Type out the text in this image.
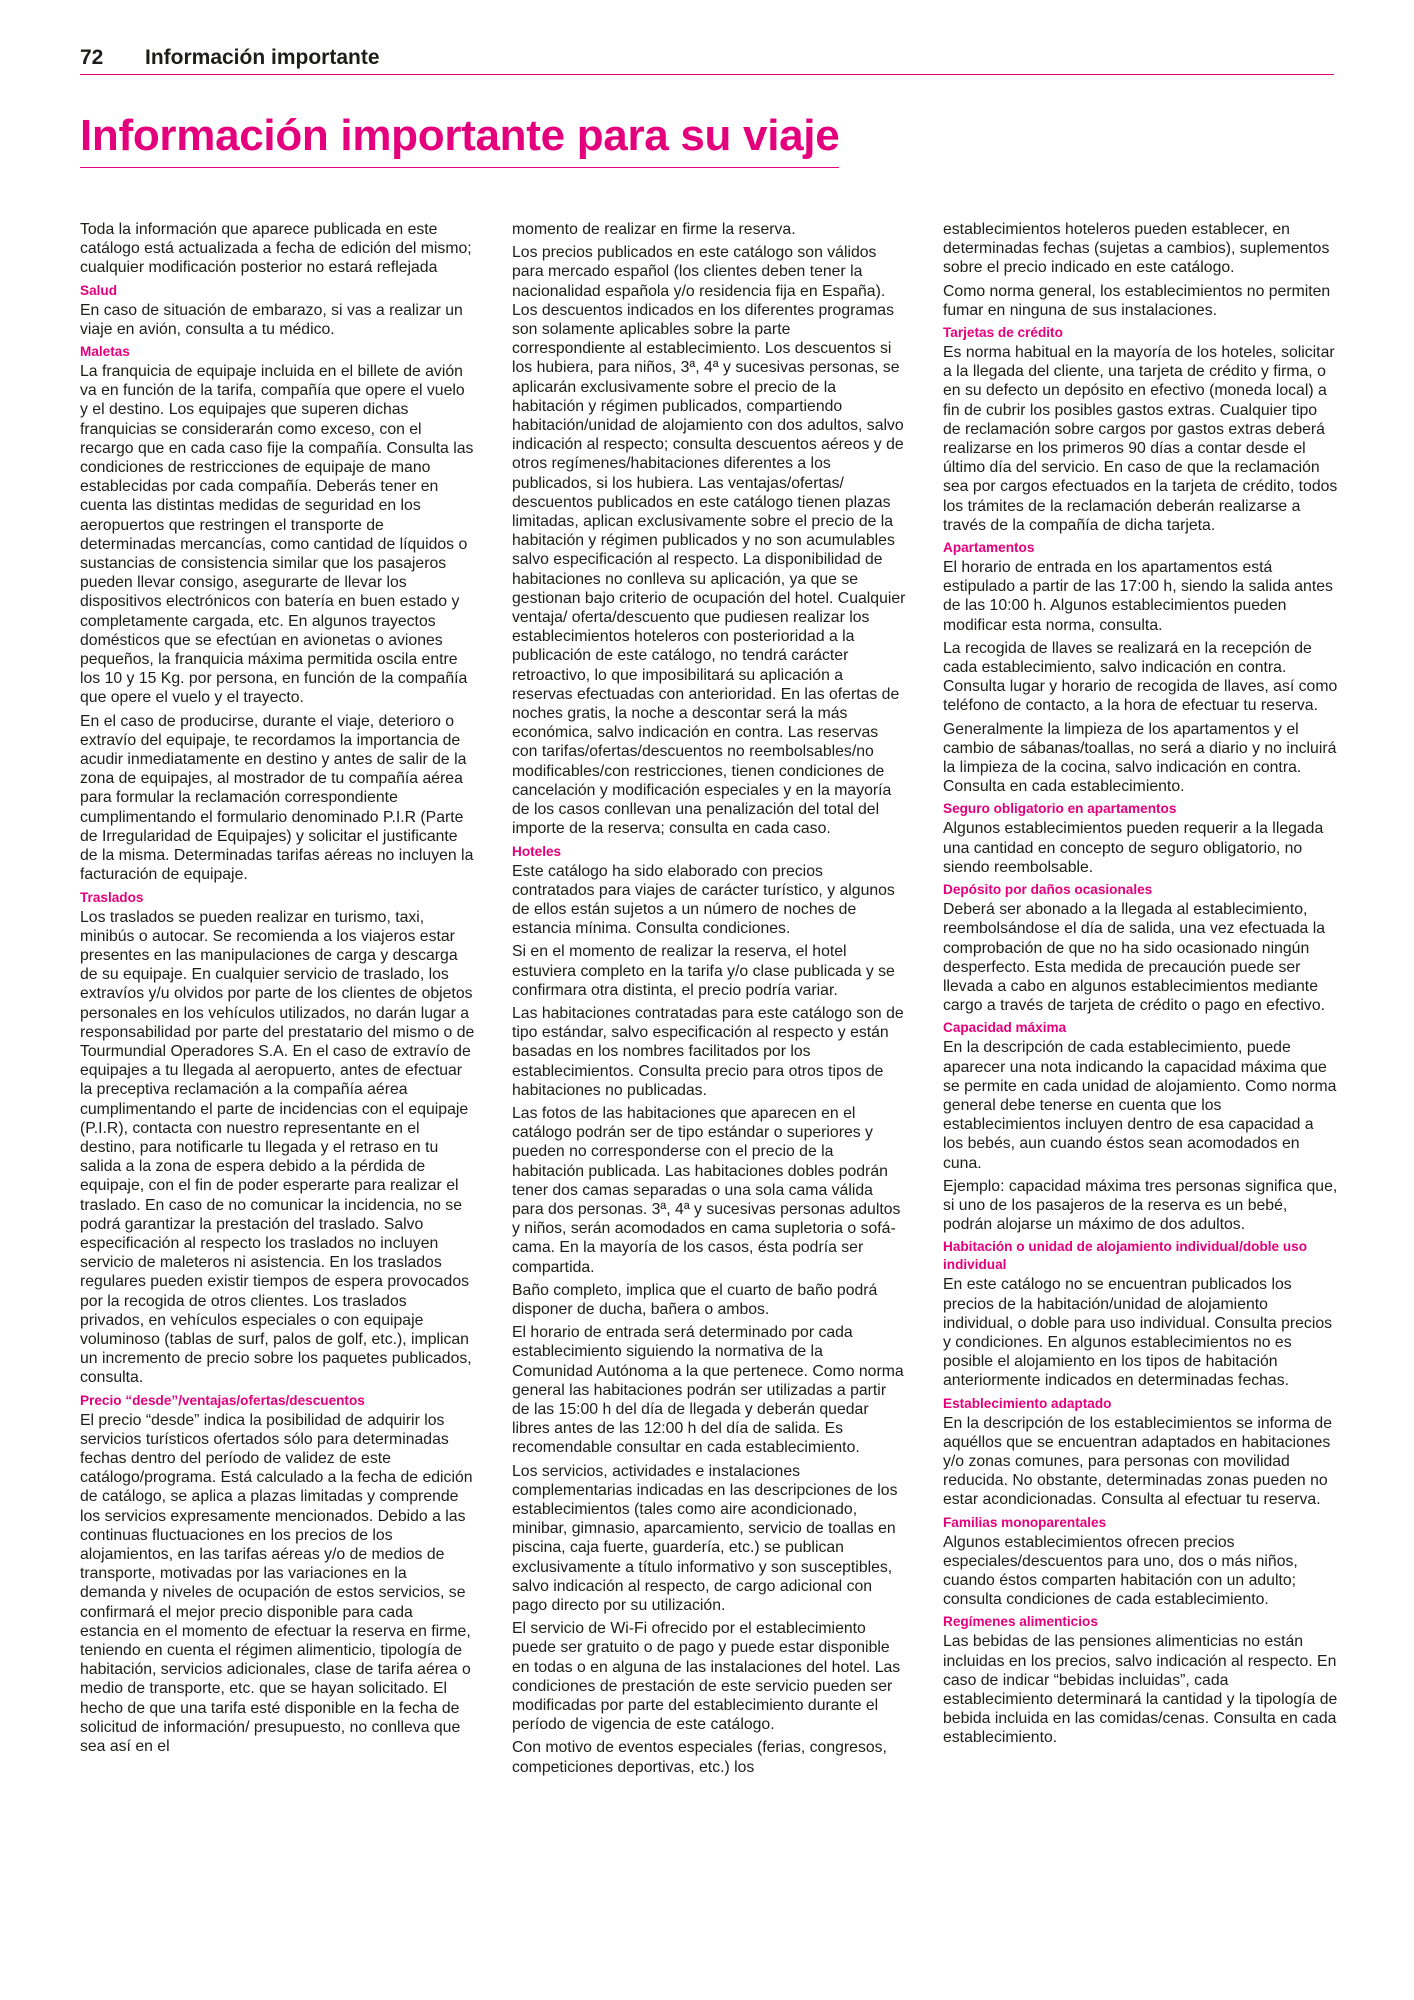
72 Información importante
Información importante para su viaje

Toda la información que aparece publicada en este catálogo está actualizada a fecha de edición del mismo; cualquier modificación posterior no estará reflejada

Salud

En caso de situación de embarazo, si vas a realizar un viaje en avión, consulta a tu médico.

Maletas

La franquicia de equipaje incluida en el billete de avión va en función de la tarifa, compañía que opere el vuelo y el destino. Los equipajes que superen dichas franquicias se considerarán como exceso, con el recargo que en cada caso fije la compañía. Consulta las condiciones de restricciones de equipaje de mano establecidas por cada compañía. Deberás tener en cuenta las distintas medidas de seguridad en los aeropuertos que restringen el transporte de determinadas mercancías, como cantidad de líquidos o sustancias de consistencia similar que los pasajeros pueden llevar consigo, asegurarte de llevar los dispositivos electrónicos con batería en buen estado y completamente cargada, etc. En algunos trayectos domésticos que se efectúan en avionetas o aviones pequeños, la franquicia máxima permitida oscila entre los 10 y 15 Kg. por persona, en función de la compañía que opere el vuelo y el trayecto.

En el caso de producirse, durante el viaje, deterioro o extravío del equipaje, te recordamos la importancia de acudir inmediatamente en destino y antes de salir de la zona de equipajes, al mostrador de tu compañía aérea para formular la reclamación correspondiente cumplimentando el formulario denominado P.I.R (Parte de Irregularidad de Equipajes) y solicitar el justificante de la misma. Determinadas tarifas aéreas no incluyen la facturación de equipaje.

Traslados

Los traslados se pueden realizar en turismo, taxi, minibús o autocar. Se recomienda a los viajeros estar presentes en las manipulaciones de carga y descarga de su equipaje. En cualquier servicio de traslado, los extravíos y/u olvidos por parte de los clientes de objetos personales en los vehículos utilizados, no darán lugar a responsabilidad por parte del prestatario del mismo o de Tourmundial Operadores S.A. En el caso de extravío de equipajes a tu llegada al aeropuerto, antes de efectuar la preceptiva reclamación a la compañía aérea cumplimentando el parte de incidencias con el equipaje (P.I.R), contacta con nuestro representante en el destino, para notificarle tu llegada y el retraso en tu salida a la zona de espera debido a la pérdida de equipaje, con el fin de poder esperarte para realizar el traslado. En caso de no comunicar la incidencia, no se podrá garantizar la prestación del traslado. Salvo especificación al respecto los traslados no incluyen servicio de maleteros ni asistencia. En los traslados regulares pueden existir tiempos de espera provocados por la recogida de otros clientes. Los traslados privados, en vehículos especiales o con equipaje voluminoso (tablas de surf, palos de golf, etc.), implican un incremento de precio sobre los paquetes publicados, consulta.

Precio “desde”/ventajas/ofertas/descuentos

El precio “desde” indica la posibilidad de adquirir los servicios turísticos ofertados sólo para determinadas fechas dentro del período de validez de este catálogo/programa. Está calculado a la fecha de edición de catálogo, se aplica a plazas limitadas y comprende los servicios expresamente mencionados. Debido a las continuas fluctuaciones en los precios de los alojamientos, en las tarifas aéreas y/o de medios de transporte, motivadas por las variaciones en la demanda y niveles de ocupación de estos servicios, se confirmará el mejor precio disponible para cada estancia en el momento de efectuar la reserva en firme, teniendo en cuenta el régimen alimenticio, tipología de habitación, servicios adicionales, clase de tarifa aérea o medio de transporte, etc. que se hayan solicitado. El hecho de que una tarifa esté disponible en la fecha de solicitud de información/ presupuesto, no conlleva que sea así en el

momento de realizar en firme la reserva.

Los precios publicados en este catálogo son válidos para mercado español (los clientes deben tener la nacionalidad española y/o residencia fija en España). Los descuentos indicados en los diferentes programas son solamente aplicables sobre la parte correspondiente al establecimiento. Los descuentos si los hubiera, para niños, 3ª, 4ª y sucesivas personas, se aplicarán exclusivamente sobre el precio de la habitación y régimen publicados, compartiendo habitación/unidad de alojamiento con dos adultos, salvo indicación al respecto; consulta descuentos aéreos y de otros regímenes/habitaciones diferentes a los publicados, si los hubiera. Las ventajas/ofertas/ descuentos publicados en este catálogo tienen plazas limitadas, aplican exclusivamente sobre el precio de la habitación y régimen publicados y no son acumulables salvo especificación al respecto. La disponibilidad de habitaciones no conlleva su aplicación, ya que se gestionan bajo criterio de ocupación del hotel. Cualquier ventaja/ oferta/descuento que pudiesen realizar los establecimientos hoteleros con posterioridad a la publicación de este catálogo, no tendrá carácter retroactivo, lo que imposibilitará su aplicación a reservas efectuadas con anterioridad. En las ofertas de noches gratis, la noche a descontar será la más económica, salvo indicación en contra. Las reservas con tarifas/ofertas/descuentos no reembolsables/no modificables/con restricciones, tienen condiciones de cancelación y modificación especiales y en la mayoría de los casos conllevan una penalización del total del importe de la reserva; consulta en cada caso.

Hoteles

Este catálogo ha sido elaborado con precios contratados para viajes de carácter turístico, y algunos de ellos están sujetos a un número de noches de estancia mínima. Consulta condiciones.

Si en el momento de realizar la reserva, el hotel estuviera completo en la tarifa y/o clase publicada y se confirmara otra distinta, el precio podría variar.

Las habitaciones contratadas para este catálogo son de tipo estándar, salvo especificación al respecto y están basadas en los nombres facilitados por los establecimientos. Consulta precio para otros tipos de habitaciones no publicadas.

Las fotos de las habitaciones que aparecen en el catálogo podrán ser de tipo estándar o superiores y pueden no corresponderse con el precio de la habitación publicada. Las habitaciones dobles podrán tener dos camas separadas o una sola cama válida para dos personas. 3ª, 4ª y sucesivas personas adultos y niños, serán acomodados en cama supletoria o sofá-cama. En la mayoría de los casos, ésta podría ser compartida.

Baño completo, implica que el cuarto de baño podrá disponer de ducha, bañera o ambos.

El horario de entrada será determinado por cada establecimiento siguiendo la normativa de la Comunidad Autónoma a la que pertenece. Como norma general las habitaciones podrán ser utilizadas a partir de las 15:00 h del día de llegada y deberán quedar libres antes de las 12:00 h del día de salida. Es recomendable consultar en cada establecimiento.

Los servicios, actividades e instalaciones complementarias indicadas en las descripciones de los establecimientos (tales como aire acondicionado, minibar, gimnasio, aparcamiento, servicio de toallas en piscina, caja fuerte, guardería, etc.) se publican exclusivamente a título informativo y son susceptibles, salvo indicación al respecto, de cargo adicional con pago directo por su utilización.

El servicio de Wi-Fi ofrecido por el establecimiento puede ser gratuito o de pago y puede estar disponible en todas o en alguna de las instalaciones del hotel. Las condiciones de prestación de este servicio pueden ser modificadas por parte del establecimiento durante el período de vigencia de este catálogo.

Con motivo de eventos especiales (ferias, congresos, competiciones deportivas, etc.) los

establecimientos hoteleros pueden establecer, en determinadas fechas (sujetas a cambios), suplementos sobre el precio indicado en este catálogo.

Como norma general, los establecimientos no permiten fumar en ninguna de sus instalaciones.

Tarjetas de crédito

Es norma habitual en la mayoría de los hoteles, solicitar a la llegada del cliente, una tarjeta de crédito y firma, o en su defecto un depósito en efectivo (moneda local) a fin de cubrir los posibles gastos extras. Cualquier tipo de reclamación sobre cargos por gastos extras deberá realizarse en los primeros 90 días a contar desde el último día del servicio. En caso de que la reclamación sea por cargos efectuados en la tarjeta de crédito, todos los trámites de la reclamación deberán realizarse a través de la compañía de dicha tarjeta.

Apartamentos

El horario de entrada en los apartamentos está estipulado a partir de las 17:00 h, siendo la salida antes de las 10:00 h. Algunos establecimientos pueden modificar esta norma, consulta.

La recogida de llaves se realizará en la recepción de cada establecimiento, salvo indicación en contra. Consulta lugar y horario de recogida de llaves, así como teléfono de contacto, a la hora de efectuar tu reserva.

Generalmente la limpieza de los apartamentos y el cambio de sábanas/toallas, no será a diario y no incluirá la limpieza de la cocina, salvo indicación en contra. Consulta en cada establecimiento.

Seguro obligatorio en apartamentos

Algunos establecimientos pueden requerir a la llegada una cantidad en concepto de seguro obligatorio, no siendo reembolsable.

Depósito por daños ocasionales

Deberá ser abonado a la llegada al establecimiento, reembolsándose el día de salida, una vez efectuada la comprobación de que no ha sido ocasionado ningún desperfecto. Esta medida de precaución puede ser llevada a cabo en algunos establecimientos mediante cargo a través de tarjeta de crédito o pago en efectivo.

Capacidad máxima

En la descripción de cada establecimiento, puede aparecer una nota indicando la capacidad máxima que se permite en cada unidad de alojamiento. Como norma general debe tenerse en cuenta que los establecimientos incluyen dentro de esa capacidad a los bebés, aun cuando éstos sean acomodados en cuna.

Ejemplo: capacidad máxima tres personas significa que, si uno de los pasajeros de la reserva es un bebé, podrán alojarse un máximo de dos adultos.

Habitación o unidad de alojamiento individual/doble uso individual

En este catálogo no se encuentran publicados los precios de la habitación/unidad de alojamiento individual, o doble para uso individual. Consulta precios y condiciones. En algunos establecimientos no es posible el alojamiento en los tipos de habitación anteriormente indicados en determinadas fechas.

Establecimiento adaptado

En la descripción de los establecimientos se informa de aquéllos que se encuentran adaptados en habitaciones y/o zonas comunes, para personas con movilidad reducida. No obstante, determinadas zonas pueden no estar acondicionadas. Consulta al efectuar tu reserva.

Familias monoparentales

Algunos establecimientos ofrecen precios especiales/descuentos para uno, dos o más niños, cuando éstos comparten habitación con un adulto; consulta condiciones de cada establecimiento.

Regímenes alimenticios

Las bebidas de las pensiones alimenticias no están incluidas en los precios, salvo indicación al respecto. En caso de indicar “bebidas incluidas”, cada establecimiento determinará la cantidad y la tipología de bebida incluida en las comidas/cenas. Consulta en cada establecimiento.
